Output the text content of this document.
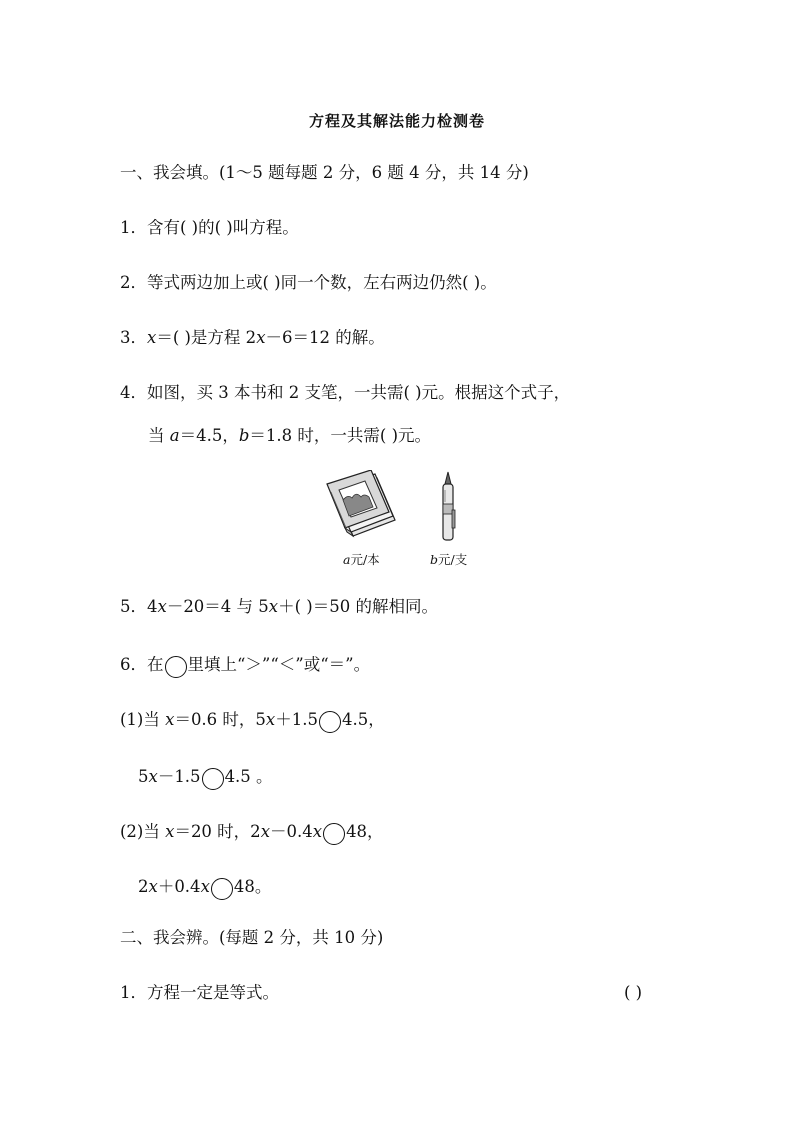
方程及其解法能力检测卷
一、我会填。(1～5 题每题 2 分，6 题 4 分，共 14 分)
1．含有( )的( )叫方程。
2．等式两边加上或( )同一个数，左右两边仍然( )。
3．x＝( )是方程 2x－6＝12 的解。
4．如图，买 3 本书和 2 支笔，一共需( )元。根据这个式子，
当 a＝4.5，b＝1.8 时，一共需( )元。
a元/本	b元/支
5．4x－20＝4 与 5x＋( )＝50 的解相同。
6．在 里填上“＞”“＜”或“＝”。
(1)当 x＝0.6 时，5x＋1.5 4.5，
5x－1.5 4.5 。
(2)当 x＝20 时，2x－0.4x 48，
2x＋0.4x 48。
二、我会辨。(每题 2 分，共 10 分)
1．方程一定是等式。	( )
